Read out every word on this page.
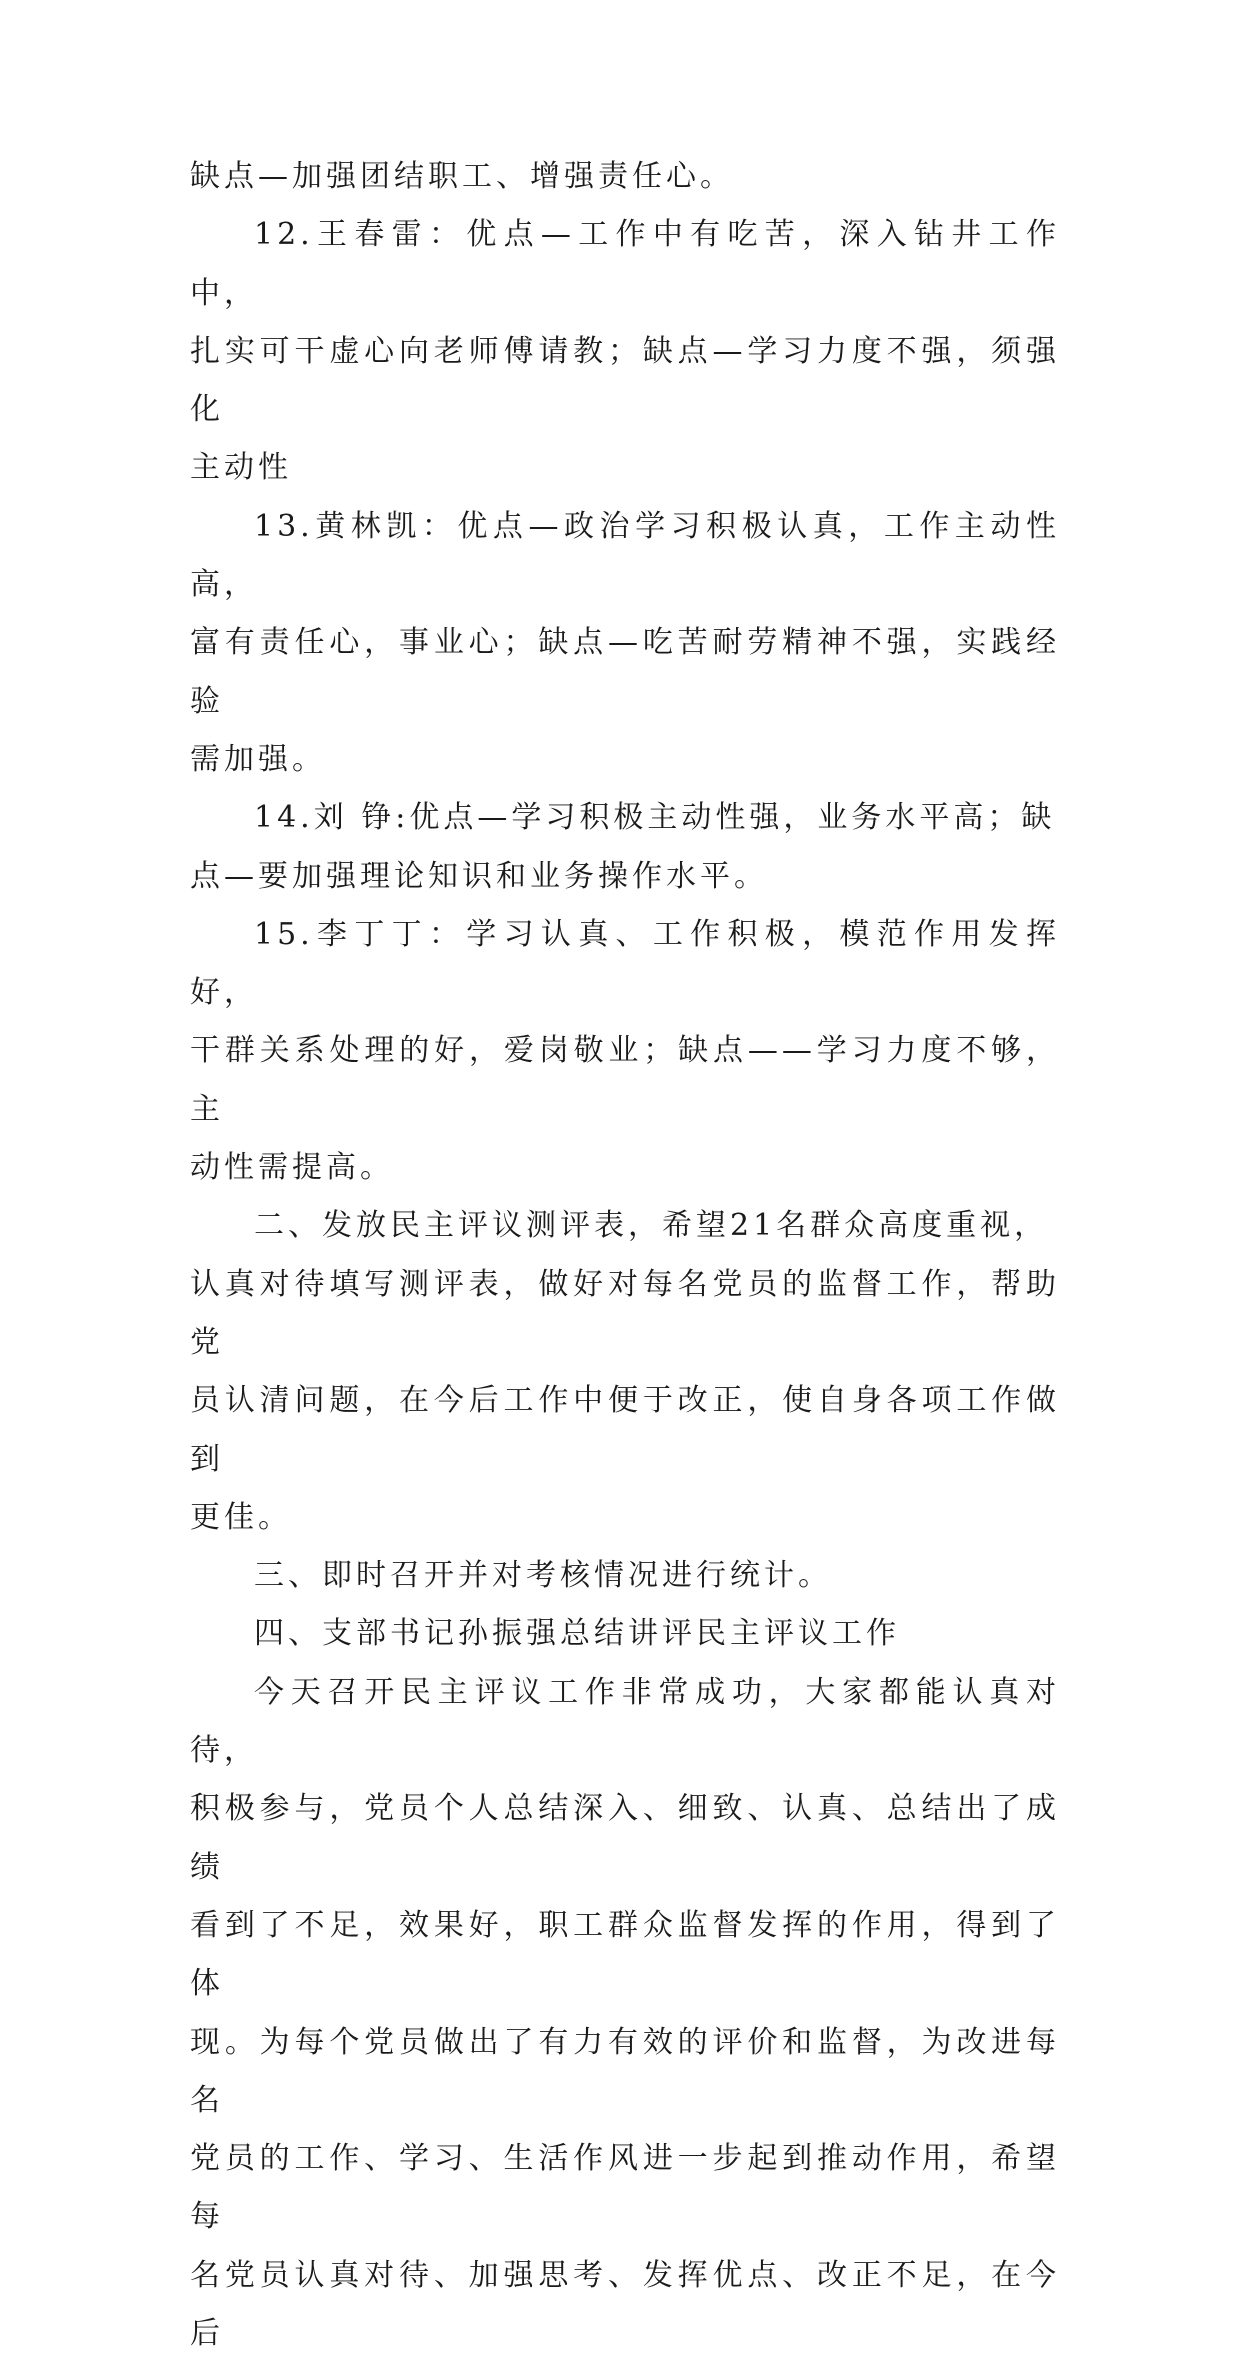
缺点—加强团结职工、增强责任心。

12.王春雷：优点—工作中有吃苦，深入钻井工作中，
扎实可干虚心向老师傅请教；缺点—学习力度不强，须强化
主动性

13.黄林凯：优点—政治学习积极认真，工作主动性高，
富有责任心，事业心；缺点—吃苦耐劳精神不强，实践经验
需加强。

14.刘 铮:优点—学习积极主动性强，业务水平高；缺
点—要加强理论知识和业务操作水平。

15.李丁丁：学习认真、工作积极，模范作用发挥好，
干群关系处理的好，爱岗敬业；缺点——学习力度不够，主
动性需提高。

二、发放民主评议测评表，希望21名群众高度重视，
认真对待填写测评表，做好对每名党员的监督工作，帮助党
员认清问题，在今后工作中便于改正，使自身各项工作做到
更佳。

三、即时召开并对考核情况进行统计。

四、支部书记孙振强总结讲评民主评议工作

今天召开民主评议工作非常成功，大家都能认真对待，
积极参与，党员个人总结深入、细致、认真、总结出了成绩
看到了不足，效果好，职工群众监督发挥的作用，得到了体
现。为每个党员做出了有力有效的评价和监督，为改进每名
党员的工作、学习、生活作风进一步起到推动作用，希望每
名党员认真对待、加强思考、发挥优点、改正不足，在今后
